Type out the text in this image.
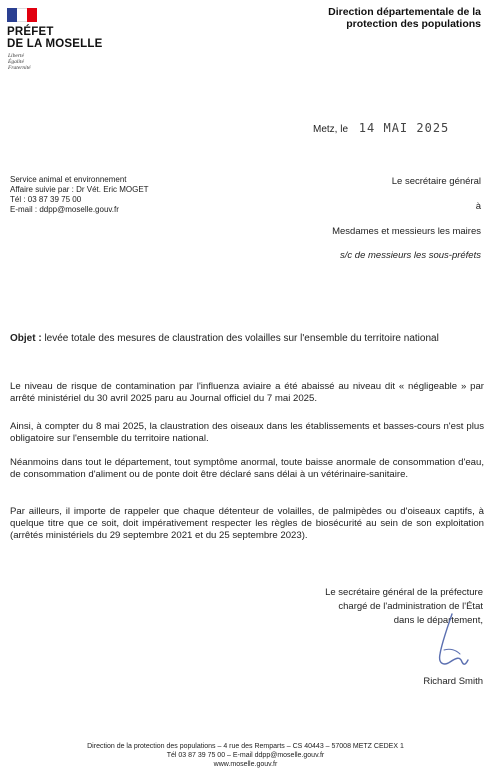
PRÉFET
DE LA MOSELLE
Liberté
Égalité
Fraternité
Direction départementale de la
protection des populations
Metz, le 14 MAI 2025
Service animal et environnement
Affaire suivie par : Dr Vét. Eric MOGET
Tél : 03 87 39 75 00
E-mail : ddpp@moselle.gouv.fr
Le secrétaire général
à
Mesdames et messieurs les maires
s/c de messieurs les sous-préfets
Objet : levée totale des mesures de claustration des volailles sur l'ensemble du territoire national
Le niveau de risque de contamination par l'influenza aviaire a été abaissé au niveau dit « négligeable » par arrêté ministériel du 30 avril 2025 paru au Journal officiel du 7 mai 2025.
Ainsi, à compter du 8 mai 2025, la claustration des oiseaux dans les établissements et basses-cours n'est plus obligatoire sur l'ensemble du territoire national.
Néanmoins dans tout le département, tout symptôme anormal, toute baisse anormale de consommation d'eau, de consommation d'aliment ou de ponte doit être déclaré sans délai à un vétérinaire-sanitaire.
Par ailleurs, il importe de rappeler que chaque détenteur de volailles, de palmipèdes ou d'oiseaux captifs, à quelque titre que ce soit, doit impérativement respecter les règles de biosécurité au sein de son exploitation (arrêtés ministériels du 29 septembre 2021 et du 25 septembre 2023).
Le secrétaire général de la préfecture
chargé de l'administration de l'État
dans le département,
Richard Smith
Direction de la protection des populations – 4 rue des Remparts – CS 40443 – 57008 METZ CEDEX 1
Tél 03 87 39 75 00 – E-mail ddpp@moselle.gouv.fr
www.moselle.gouv.fr
